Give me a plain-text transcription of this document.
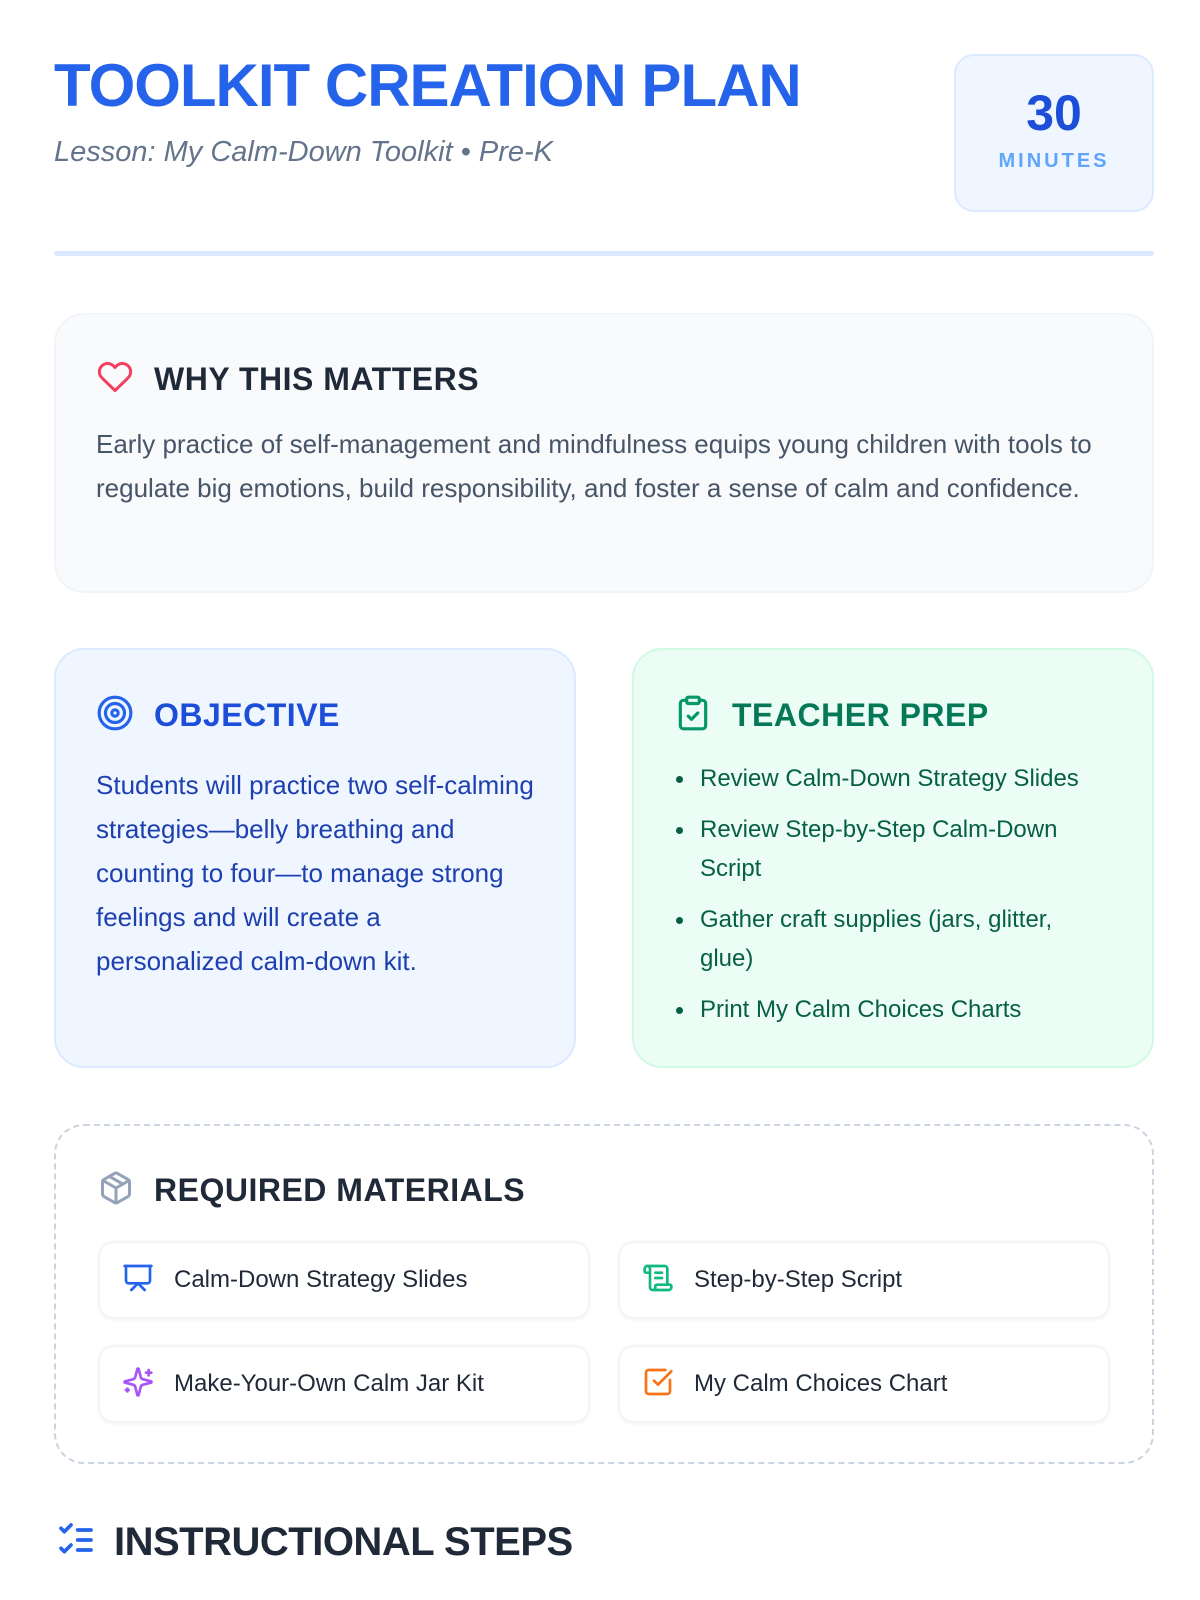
TOOLKIT CREATION PLAN
Lesson: My Calm-Down Toolkit • Pre-K
30
MINUTES
WHY THIS MATTERS

Early practice of self-management and mindfulness equips young children with tools to regulate big emotions, build responsibility, and foster a sense of calm and confidence.

OBJECTIVE

Students will practice two self-calming strategies—belly breathing and counting to four—to manage strong feelings and will create a personalized calm-down kit.

TEACHER PREP
Review Calm-Down Strategy Slides
Review Step-by-Step Calm-Down Script
Gather craft supplies (jars, glitter, glue)
Print My Calm Choices Charts
REQUIRED MATERIALS
Calm-Down Strategy Slides	Step-by-Step Script
Make-Your-Own Calm Jar Kit	My Calm Choices Chart
INSTRUCTIONAL STEPS
